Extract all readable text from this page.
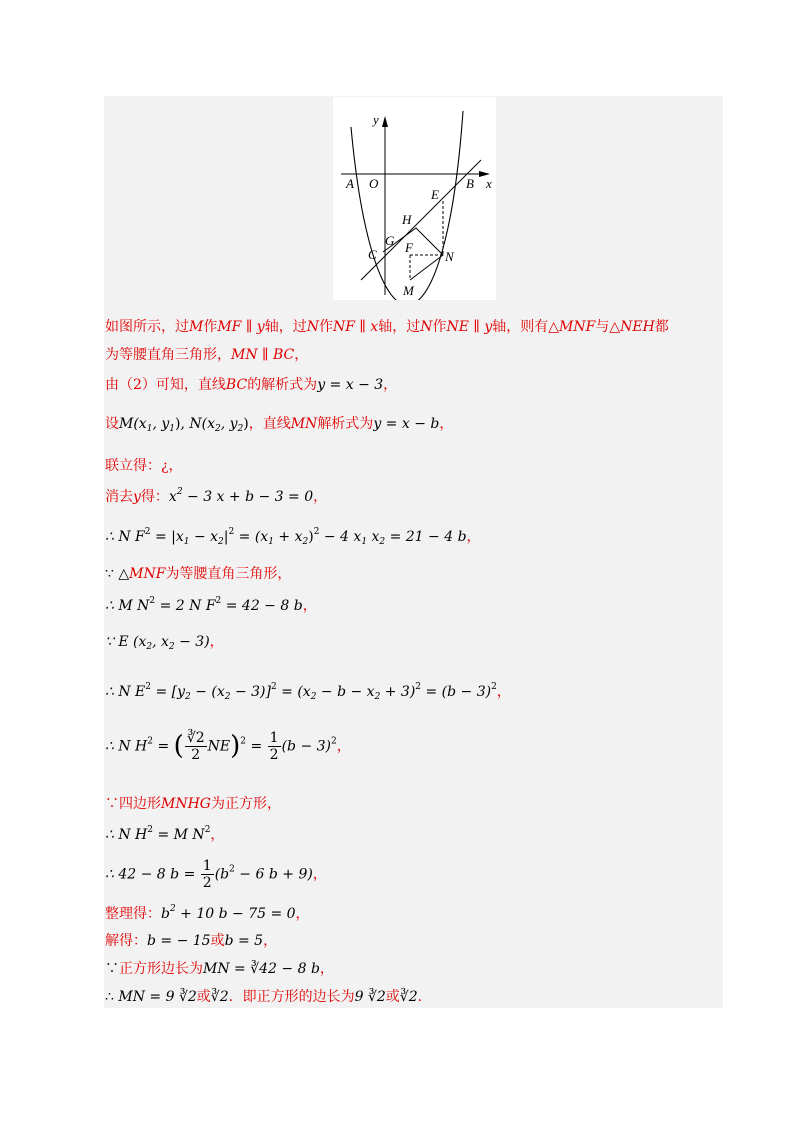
y
x
A O	B
E
H
C
G F
N
M
如图所示，过M作MF ∥ y轴，过N作NF ∥ x轴，过N作NE ∥ y轴，则有△MNF与△NEH都
为等腰直角三角形，MN ∥ BC，
由（2）可知，直线BC的解析式为y = x − 3，
设$M(x_1$, $y_1$), $N(x_2$, $y_2$)，直线MN解析式为y = x − b，
联立得：¿，
消去y得：$x^2 - 3$ x + b − 3 = 0，
∴ N $F^2 = |x_1 - x_2|^2 = (x_1 + x_2)^2 - 4$ $x_1$ $x_2 = 21 - 4$ b，
∵ △MNF为等腰直角三角形，
∴ M $N^2 = 2$ N $F^2 = 42 - 8$ b，
∵ E ($x_2$, $x_2 - 3$)，
∴ N $E^2 = [y_2 - (x_2 - 3)]^2 = (x_2 - b - x_2 + 3)^2 = (b - 3)^2$，
∴ N $H^2$ = ( $\frac{∛2}{2} NE)^2 = \frac{1}{2} (b - 3)^2$，
∵四边形MNHG为正方形，
∴ N $H^2 = M$ $N^2$，
∴ 42 − 8 $b = \frac{1}{2} (b^2 - 6$ b + 9)，
整理得：$b^2 + 10$ b − 75 = 0，
解得：b = − 15或b = 5，
∵正方形边长为MN = ∛42 − 8 b，
∴ MN = 9 ∛2或∛2．即正方形的边长为9 ∛2或∛2．
